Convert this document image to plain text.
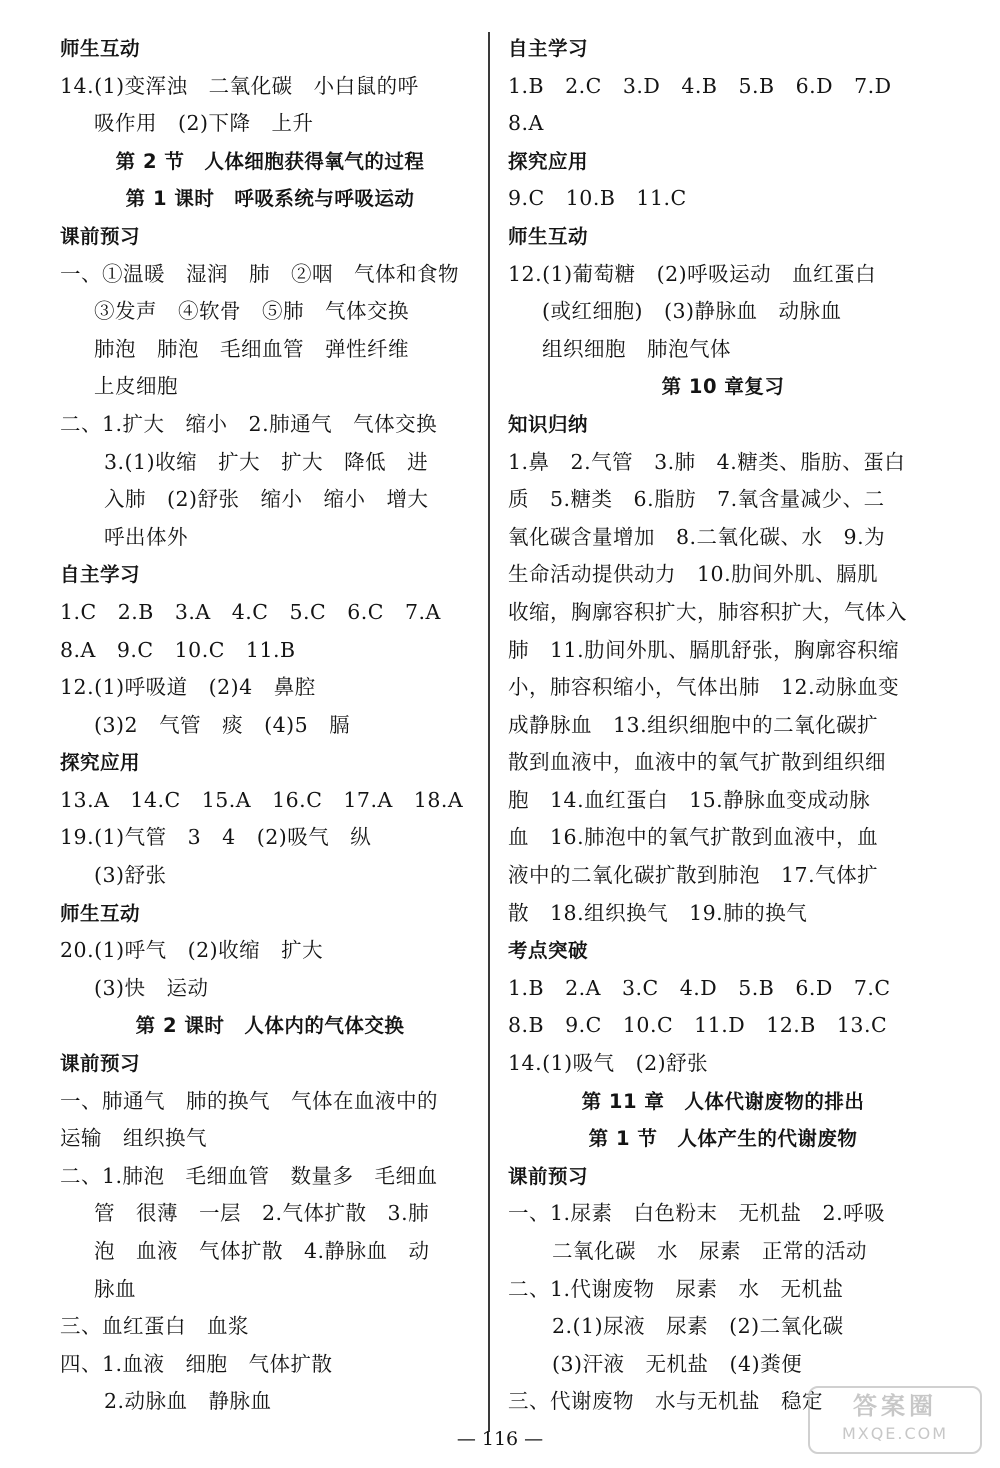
师生互动
14.(1)变浑浊　二氧化碳　小白鼠的呼
吸作用　(2)下降　上升
第 2 节　人体细胞获得氧气的过程
第 1 课时　呼吸系统与呼吸运动
课前预习
一、①温暖　湿润　肺　②咽　气体和食物
③发声　④软骨　⑤肺　气体交换
肺泡　肺泡　毛细血管　弹性纤维
上皮细胞
二、1.扩大　缩小　2.肺通气　气体交换
3.(1)收缩　扩大　扩大　降低　进
入肺　(2)舒张　缩小　缩小　增大
呼出体外
自主学习
1.C　2.B　3.A　4.C　5.C　6.C　7.A
8.A　9.C　10.C　11.B
12.(1)呼吸道　(2)4　鼻腔
(3)2　气管　痰　(4)5　膈
探究应用
13.A　14.C　15.A　16.C　17.A　18.A
19.(1)气管　3　4　(2)吸气　纵
(3)舒张
师生互动
20.(1)呼气　(2)收缩　扩大
(3)快　运动
第 2 课时　人体内的气体交换
课前预习
一、肺通气　肺的换气　气体在血液中的
运输　组织换气
二、1.肺泡　毛细血管　数量多　毛细血
管　很薄　一层　2.气体扩散　3.肺
泡　血液　气体扩散　4.静脉血　动
脉血
三、血红蛋白　血浆
四、1.血液　细胞　气体扩散
2.动脉血　静脉血
自主学习
1.B　2.C　3.D　4.B　5.B　6.D　7.D
8.A
探究应用
9.C　10.B　11.C
师生互动
12.(1)葡萄糖　(2)呼吸运动　血红蛋白
(或红细胞)　(3)静脉血　动脉血
组织细胞　肺泡气体
第 10 章复习
知识归纳
1.鼻　2.气管　3.肺　4.糖类、脂肪、蛋白
质　5.糖类　6.脂肪　7.氧含量减少、二
氧化碳含量增加　8.二氧化碳、水　9.为
生命活动提供动力　10.肋间外肌、膈肌
收缩，胸廓容积扩大，肺容积扩大，气体入
肺　11.肋间外肌、膈肌舒张，胸廓容积缩
小，肺容积缩小，气体出肺　12.动脉血变
成静脉血　13.组织细胞中的二氧化碳扩
散到血液中，血液中的氧气扩散到组织细
胞　14.血红蛋白　15.静脉血变成动脉
血　16.肺泡中的氧气扩散到血液中，血
液中的二氧化碳扩散到肺泡　17.气体扩
散　18.组织换气　19.肺的换气
考点突破
1.B　2.A　3.C　4.D　5.B　6.D　7.C
8.B　9.C　10.C　11.D　12.B　13.C
14.(1)吸气　(2)舒张
第 11 章　人体代谢废物的排出
第 1 节　人体产生的代谢废物
课前预习
一、1.尿素　白色粉末　无机盐　2.呼吸
二氧化碳　水　尿素　正常的活动
二、1.代谢废物　尿素　水　无机盐
2.(1)尿液　尿素　(2)二氧化碳
(3)汗液　无机盐　(4)粪便
三、代谢废物　水与无机盐　稳定
— 116 —
答案圈
MXQE.COM
